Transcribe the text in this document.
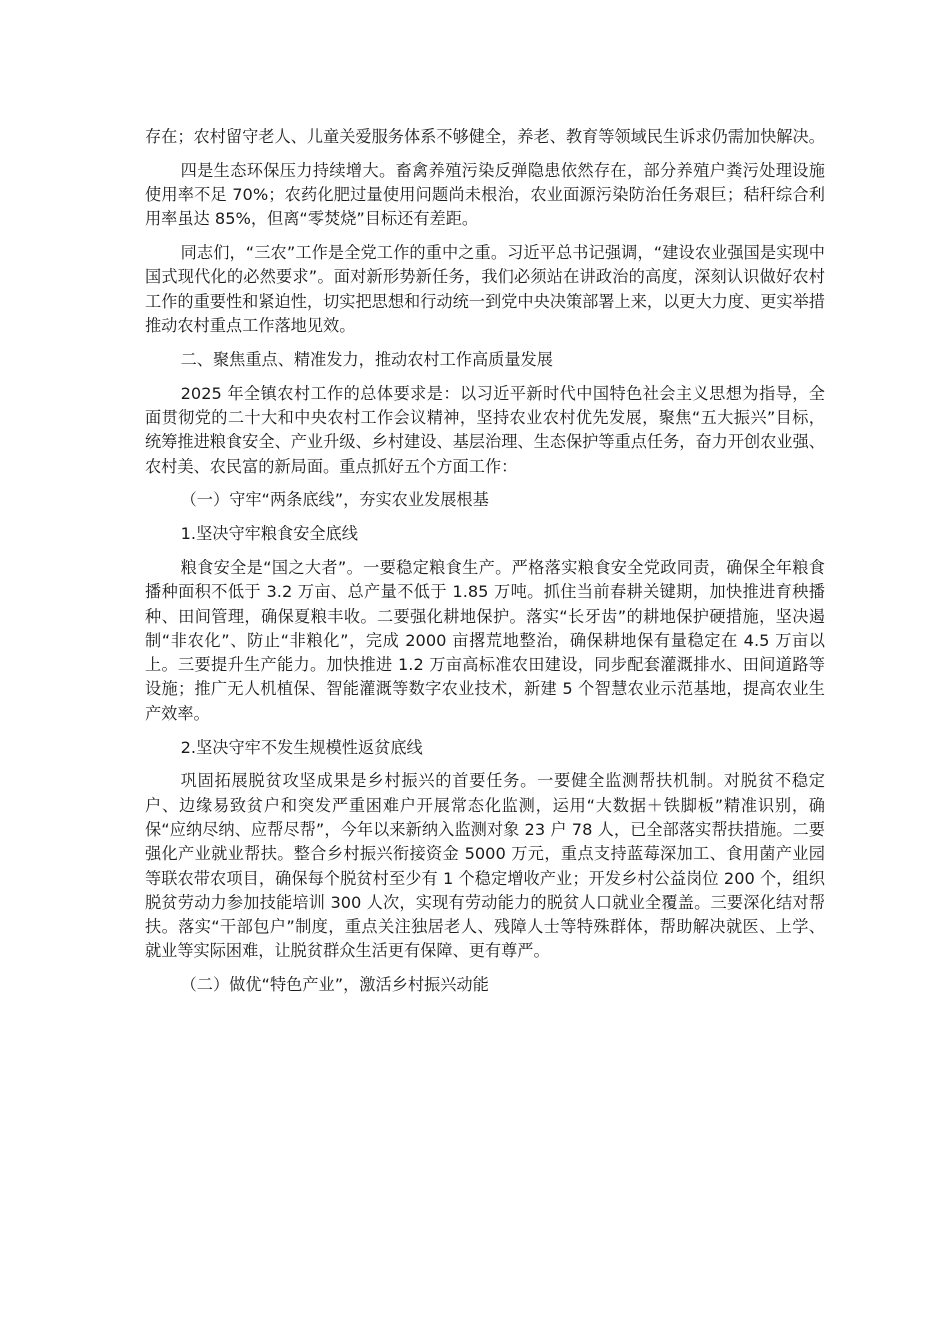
存在；农村留守老人、儿童关爱服务体系不够健全，养老、教育等领域民生诉求仍需加快解决。

四是生态环保压力持续增大。畜禽养殖污染反弹隐患依然存在，部分养殖户粪污处理设施使用率不足 70%；农药化肥过量使用问题尚未根治，农业面源污染防治任务艰巨；秸秆综合利用率虽达 85%，但离“零焚烧”目标还有差距。

同志们，“三农”工作是全党工作的重中之重。习近平总书记强调，“建设农业强国是实现中国式现代化的必然要求”。面对新形势新任务，我们必须站在讲政治的高度，深刻认识做好农村工作的重要性和紧迫性，切实把思想和行动统一到党中央决策部署上来，以更大力度、更实举措推动农村重点工作落地见效。

二、聚焦重点、精准发力，推动农村工作高质量发展

2025 年全镇农村工作的总体要求是：以习近平新时代中国特色社会主义思想为指导，全面贯彻党的二十大和中央农村工作会议精神，坚持农业农村优先发展，聚焦“五大振兴”目标，统筹推进粮食安全、产业升级、乡村建设、基层治理、生态保护等重点任务，奋力开创农业强、农村美、农民富的新局面。重点抓好五个方面工作：

（一）守牢“两条底线”，夯实农业发展根基

1.坚决守牢粮食安全底线

粮食安全是“国之大者”。一要稳定粮食生产。严格落实粮食安全党政同责，确保全年粮食播种面积不低于 3.2 万亩、总产量不低于 1.85 万吨。抓住当前春耕关键期，加快推进育秧播种、田间管理，确保夏粮丰收。二要强化耕地保护。落实“长牙齿”的耕地保护硬措施，坚决遏制“非农化”、防止“非粮化”，完成 2000 亩撂荒地整治，确保耕地保有量稳定在 4.5 万亩以上。三要提升生产能力。加快推进 1.2 万亩高标准农田建设，同步配套灌溉排水、田间道路等设施；推广无人机植保、智能灌溉等数字农业技术，新建 5 个智慧农业示范基地，提高农业生产效率。

2.坚决守牢不发生规模性返贫底线

巩固拓展脱贫攻坚成果是乡村振兴的首要任务。一要健全监测帮扶机制。对脱贫不稳定户、边缘易致贫户和突发严重困难户开展常态化监测，运用“大数据＋铁脚板”精准识别，确保“应纳尽纳、应帮尽帮”，今年以来新纳入监测对象 23 户 78 人，已全部落实帮扶措施。二要强化产业就业帮扶。整合乡村振兴衔接资金 5000 万元，重点支持蓝莓深加工、食用菌产业园等联农带农项目，确保每个脱贫村至少有 1 个稳定增收产业；开发乡村公益岗位 200 个，组织脱贫劳动力参加技能培训 300 人次，实现有劳动能力的脱贫人口就业全覆盖。三要深化结对帮扶。落实“干部包户”制度，重点关注独居老人、残障人士等特殊群体，帮助解决就医、上学、就业等实际困难，让脱贫群众生活更有保障、更有尊严。

（二）做优“特色产业”，激活乡村振兴动能
